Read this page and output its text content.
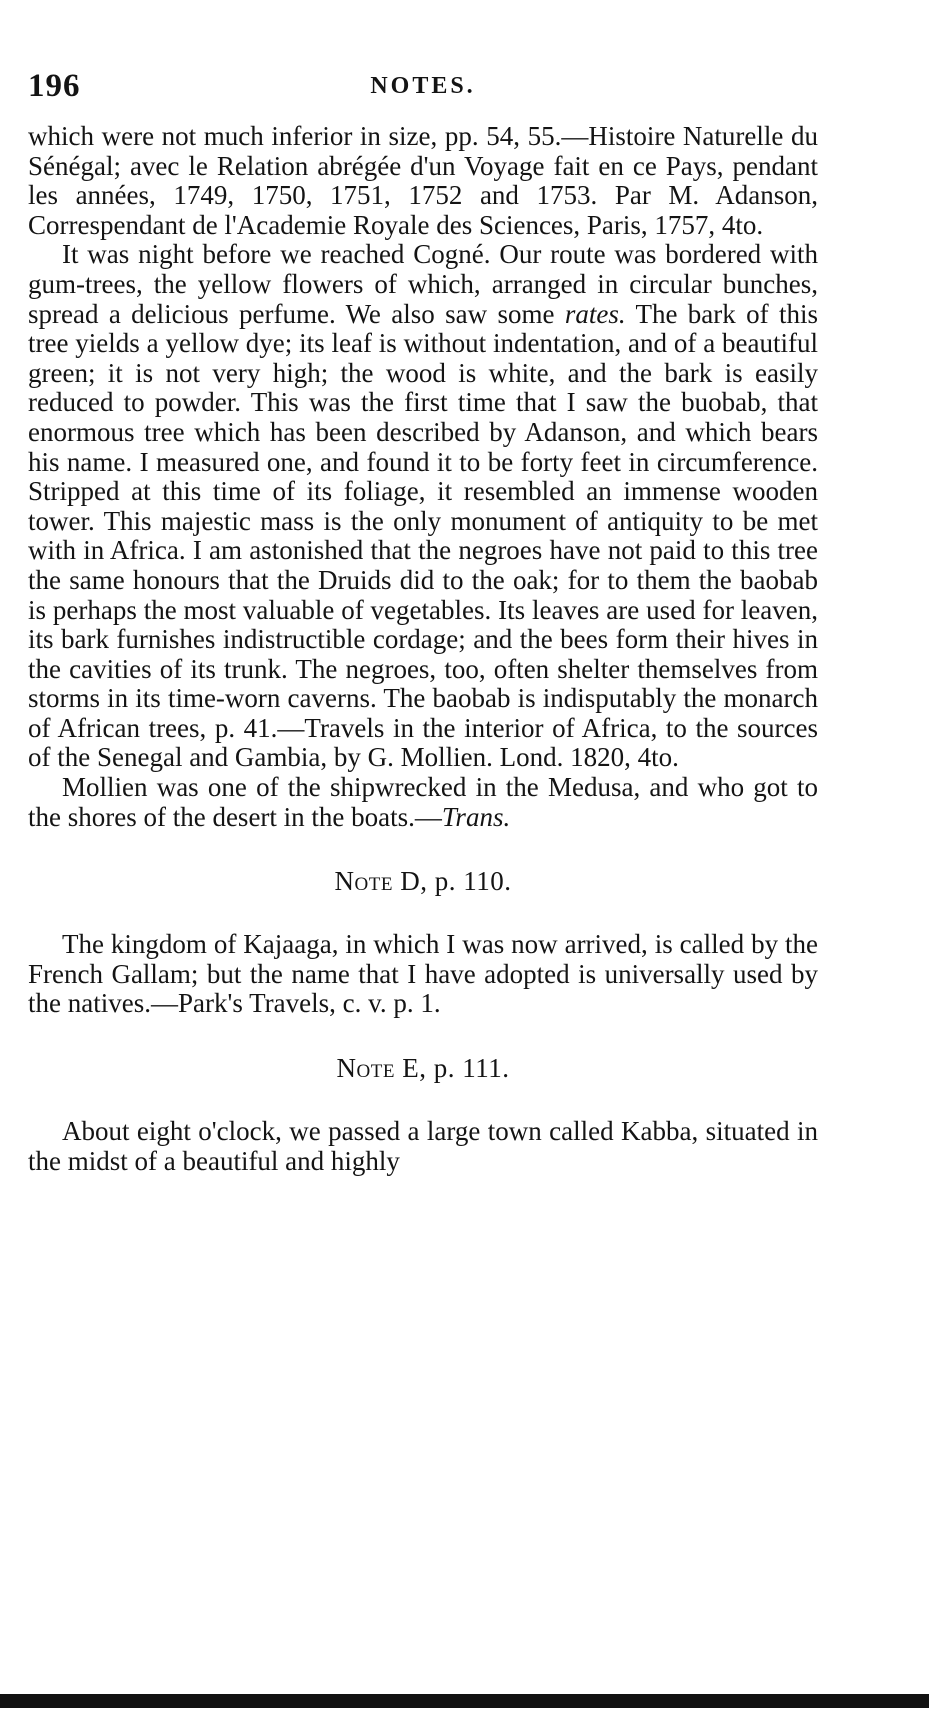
196	NOTES.

which were not much inferior in size, pp. 54, 55.—Histoire Naturelle du Sénégal; avec le Relation abrégée d'un Voyage fait en ce Pays, pendant les années, 1749, 1750, 1751, 1752 and 1753. Par M. Adanson, Correspendant de l'Academie Royale des Sciences, Paris, 1757, 4to.

It was night before we reached Cogné. Our route was bordered with gum-trees, the yellow flowers of which, arranged in circular bunches, spread a delicious perfume. We also saw some rates. The bark of this tree yields a yellow dye; its leaf is without indentation, and of a beautiful green; it is not very high; the wood is white, and the bark is easily reduced to powder. This was the first time that I saw the buobab, that enormous tree which has been described by Adanson, and which bears his name. I measured one, and found it to be forty feet in circumference. Stripped at this time of its foliage, it resembled an immense wooden tower. This majestic mass is the only monument of antiquity to be met with in Africa. I am astonished that the negroes have not paid to this tree the same honours that the Druids did to the oak; for to them the baobab is perhaps the most valuable of vegetables. Its leaves are used for leaven, its bark furnishes indistructible cordage; and the bees form their hives in the cavities of its trunk. The negroes, too, often shelter themselves from storms in its time-worn caverns. The baobab is indisputably the monarch of African trees, p. 41.—Travels in the interior of Africa, to the sources of the Senegal and Gambia, by G. Mollien. Lond. 1820, 4to.

Mollien was one of the shipwrecked in the Medusa, and who got to the shores of the desert in the boats.—Trans.

Note D, p. 110.

The kingdom of Kajaaga, in which I was now arrived, is called by the French Gallam; but the name that I have adopted is universally used by the natives.—Park's Travels, c. v. p. 1.

Note E, p. 111.

About eight o'clock, we passed a large town called Kabba, situated in the midst of a beautiful and highly
